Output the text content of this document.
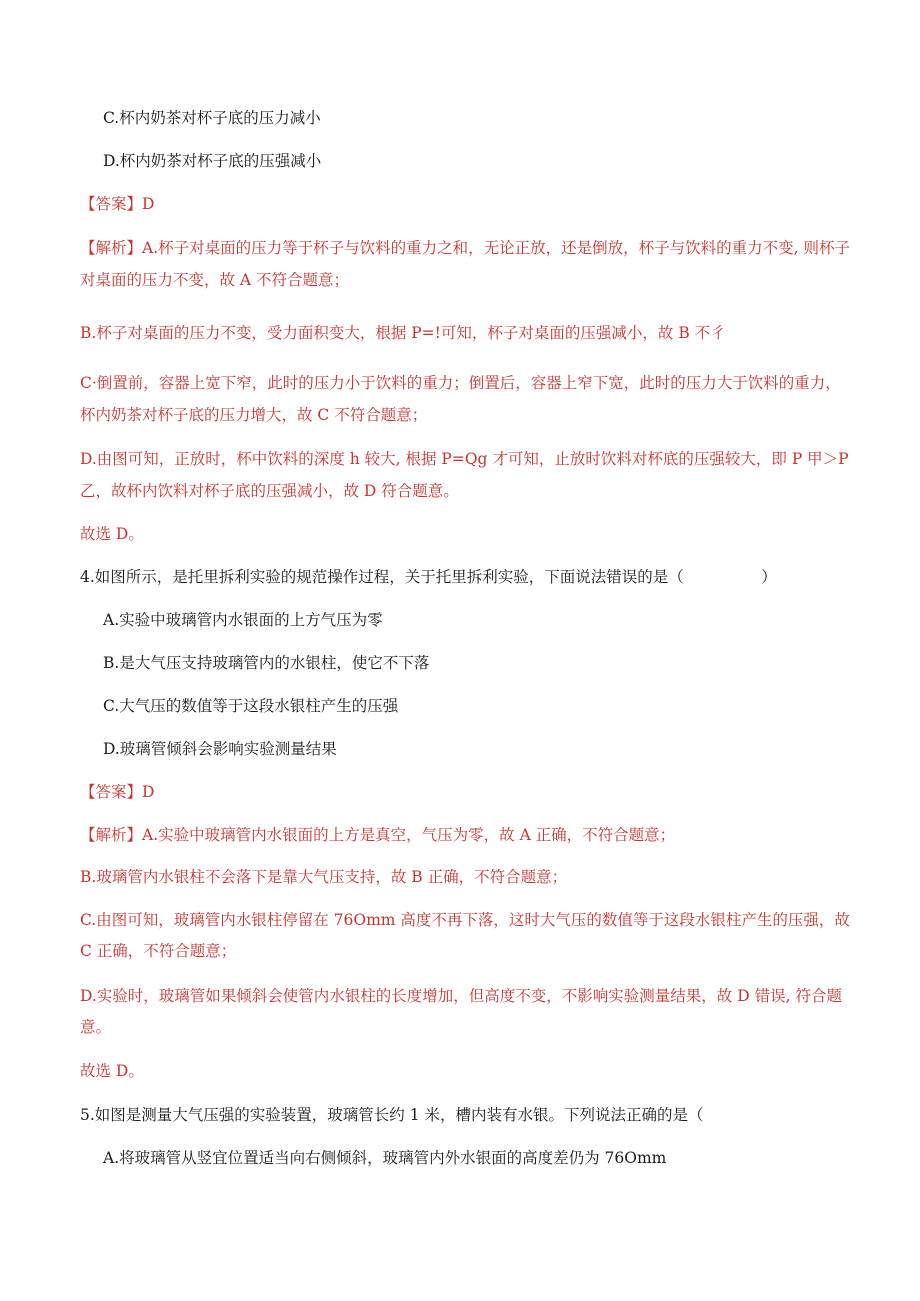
C.杯内奶茶对杯子底的压力减小
D.杯内奶茶对杯子底的压强减小
【答案】D
【解析】A.杯子对桌面的压力等于杯子与饮料的重力之和，无论正放，还是倒放，杯子与饮料的重力不变, 则杯子
对桌面的压力不变，故 A 不符合题意；
B.杯子对桌面的压力不变，受力面积变大，根据 P=!可知，杯子对桌面的压强减小，故 B 不彳
C·倒置前，容器上宽下窄，此时的压力小于饮料的重力；倒置后，容器上窄下宽，此时的压力大于饮料的重力，
杯内奶茶对杯子底的压力增大，故 C 不符合题意；
D.由图可知，正放时，杯中饮料的深度 h 较大, 根据 P=Qg 才可知，止放时饮料对杯底的压强较大，即 P 甲＞P
乙，故杯内饮料对杯子底的压强减小，故 D 符合题意。
故选 D。
4.如图所示，是托里拆利实验的规范操作过程，关于托里拆利实验，下面说法错误的是（　　　　　）
A.实验中玻璃管内水银面的上方气压为零
B.是大气压支持玻璃管内的水银柱，使它不下落
C.大气压的数值等于这段水银柱产生的压强
D.玻璃管倾斜会影响实验测量结果
【答案】D
【解析】A.实验中玻璃管内水银面的上方是真空，气压为零，故 A 正确，不符合题意；
B.玻璃管内水银柱不会落下是靠大气压支持，故 B 正确，不符合题意；
C.由图可知，玻璃管内水银柱停留在 76Omm 高度不再下落，这时大气压的数值等于这段水银柱产生的压强，故
C 正确，不符合题意；
D.实验时，玻璃管如果倾斜会使管内水银柱的长度增加，但高度不变，不影响实验测量结果，故 D 错误, 符合题
意。
故选 D。
5.如图是测量大气压强的实验装置，玻璃管长约 1 米，槽内装有水银。下列说法正确的是（
A.将玻璃管从竖宜位置适当向右侧倾斜，玻璃管内外水银面的高度差仍为 76Omm
